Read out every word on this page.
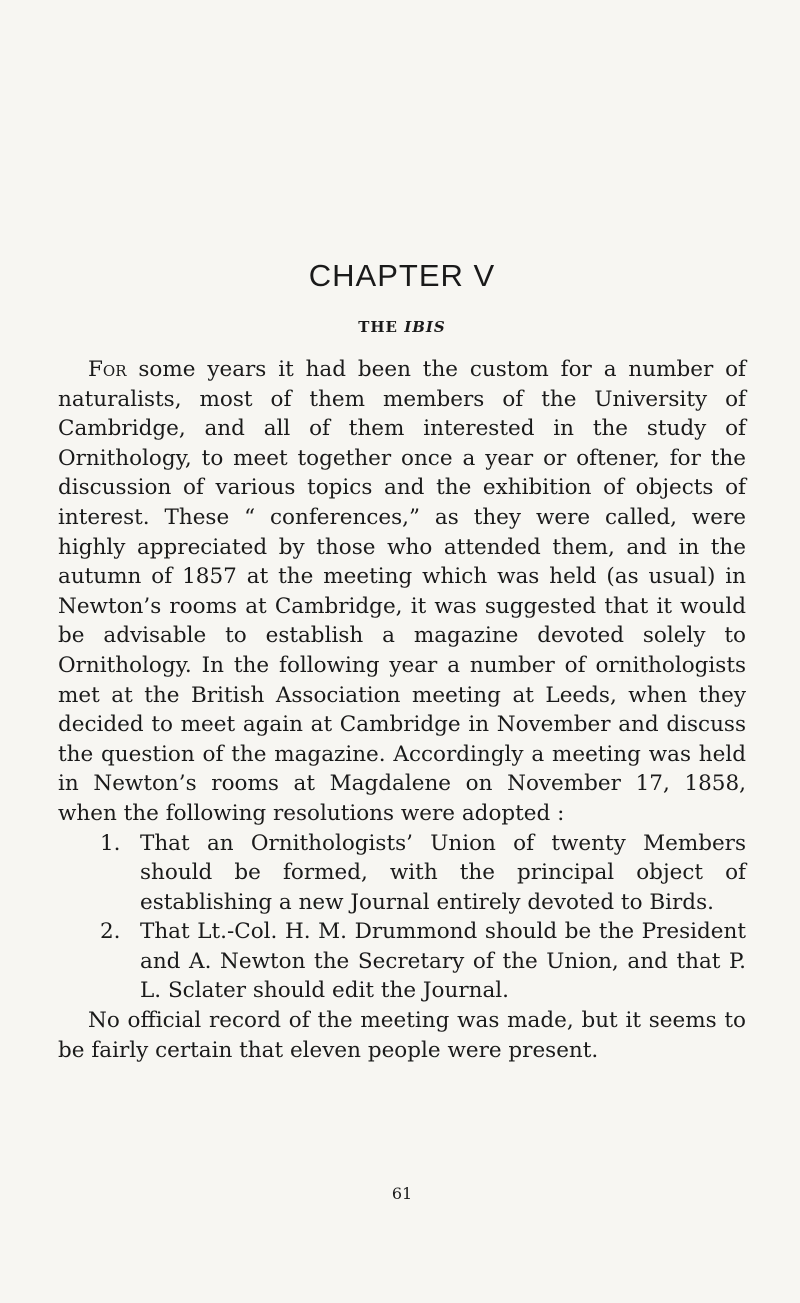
CHAPTER V
THE IBIS

For some years it had been the custom for a number of naturalists, most of them members of the University of Cambridge, and all of them interested in the study of Ornithology, to meet together once a year or oftener, for the discussion of various topics and the exhibition of objects of interest. These “ conferences,” as they were called, were highly appreciated by those who attended them, and in the autumn of 1857 at the meeting which was held (as usual) in Newton’s rooms at Cambridge, it was suggested that it would be advisable to establish a magazine devoted solely to Ornithology. In the following year a number of ornithologists met at the British Association meeting at Leeds, when they decided to meet again at Cambridge in November and discuss the question of the magazine. Accordingly a meeting was held in Newton’s rooms at Magdalene on November 17, 1858, when the following resolutions were adopted :

1. That an Ornithologists’ Union of twenty Members should be formed, with the principal object of establishing a new Journal entirely devoted to Birds.
2. That Lt.-Col. H. M. Drummond should be the President and A. Newton the Secretary of the Union, and that P. L. Sclater should edit the Journal.

No official record of the meeting was made, but it seems to be fairly certain that eleven people were present.

61
